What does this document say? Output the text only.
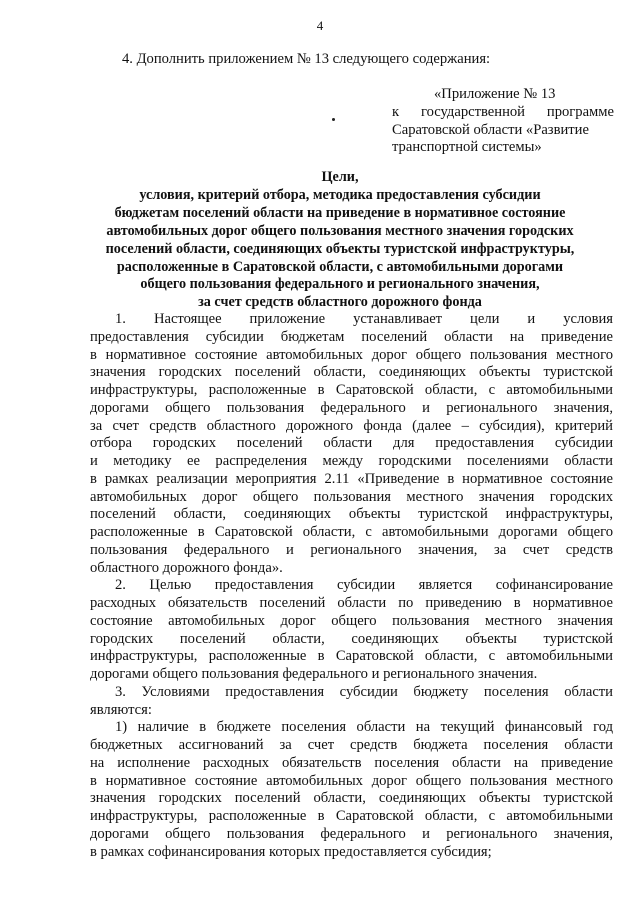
4
4. Дополнить приложением № 13 следующего содержания:
«Приложение № 13
к государственной программе
Саратовской области «Развитие
транспортной системы»
Цели,
условия, критерий отбора, методика предоставления субсидии
бюджетам поселений области на приведение в нормативное состояние
автомобильных дорог общего пользования местного значения городских
поселений области, соединяющих объекты туристской инфраструктуры,
расположенные в Саратовской области, с автомобильными дорогами
общего пользования федерального и регионального значения,
за счет средств областного дорожного фонда
1. Настоящее приложение устанавливает цели и условия
предоставления субсидии бюджетам поселений области на приведение
в нормативное состояние автомобильных дорог общего пользования местного
значения городских поселений области, соединяющих объекты туристской
инфраструктуры, расположенные в Саратовской области, с автомобильными
дорогами общего пользования федерального и регионального значения,
за счет средств областного дорожного фонда (далее – субсидия), критерий
отбора городских поселений области для предоставления субсидии
и методику ее распределения между городскими поселениями области
в рамках реализации мероприятия 2.11 «Приведение в нормативное состояние
автомобильных дорог общего пользования местного значения городских
поселений области, соединяющих объекты туристской инфраструктуры,
расположенные в Саратовской области, с автомобильными дорогами общего
пользования федерального и регионального значения, за счет средств
областного дорожного фонда».
2. Целью предоставления субсидии является софинансирование
расходных обязательств поселений области по приведению в нормативное
состояние автомобильных дорог общего пользования местного значения
городских поселений области, соединяющих объекты туристской
инфраструктуры, расположенные в Саратовской области, с автомобильными
дорогами общего пользования федерального и регионального значения.
3. Условиями предоставления субсидии бюджету поселения области
являются:
1) наличие в бюджете поселения области на текущий финансовый год
бюджетных ассигнований за счет средств бюджета поселения области
на исполнение расходных обязательств поселения области на приведение
в нормативное состояние автомобильных дорог общего пользования местного
значения городских поселений области, соединяющих объекты туристской
инфраструктуры, расположенные в Саратовской области, с автомобильными
дорогами общего пользования федерального и регионального значения,
в рамках софинансирования которых предоставляется субсидия;
